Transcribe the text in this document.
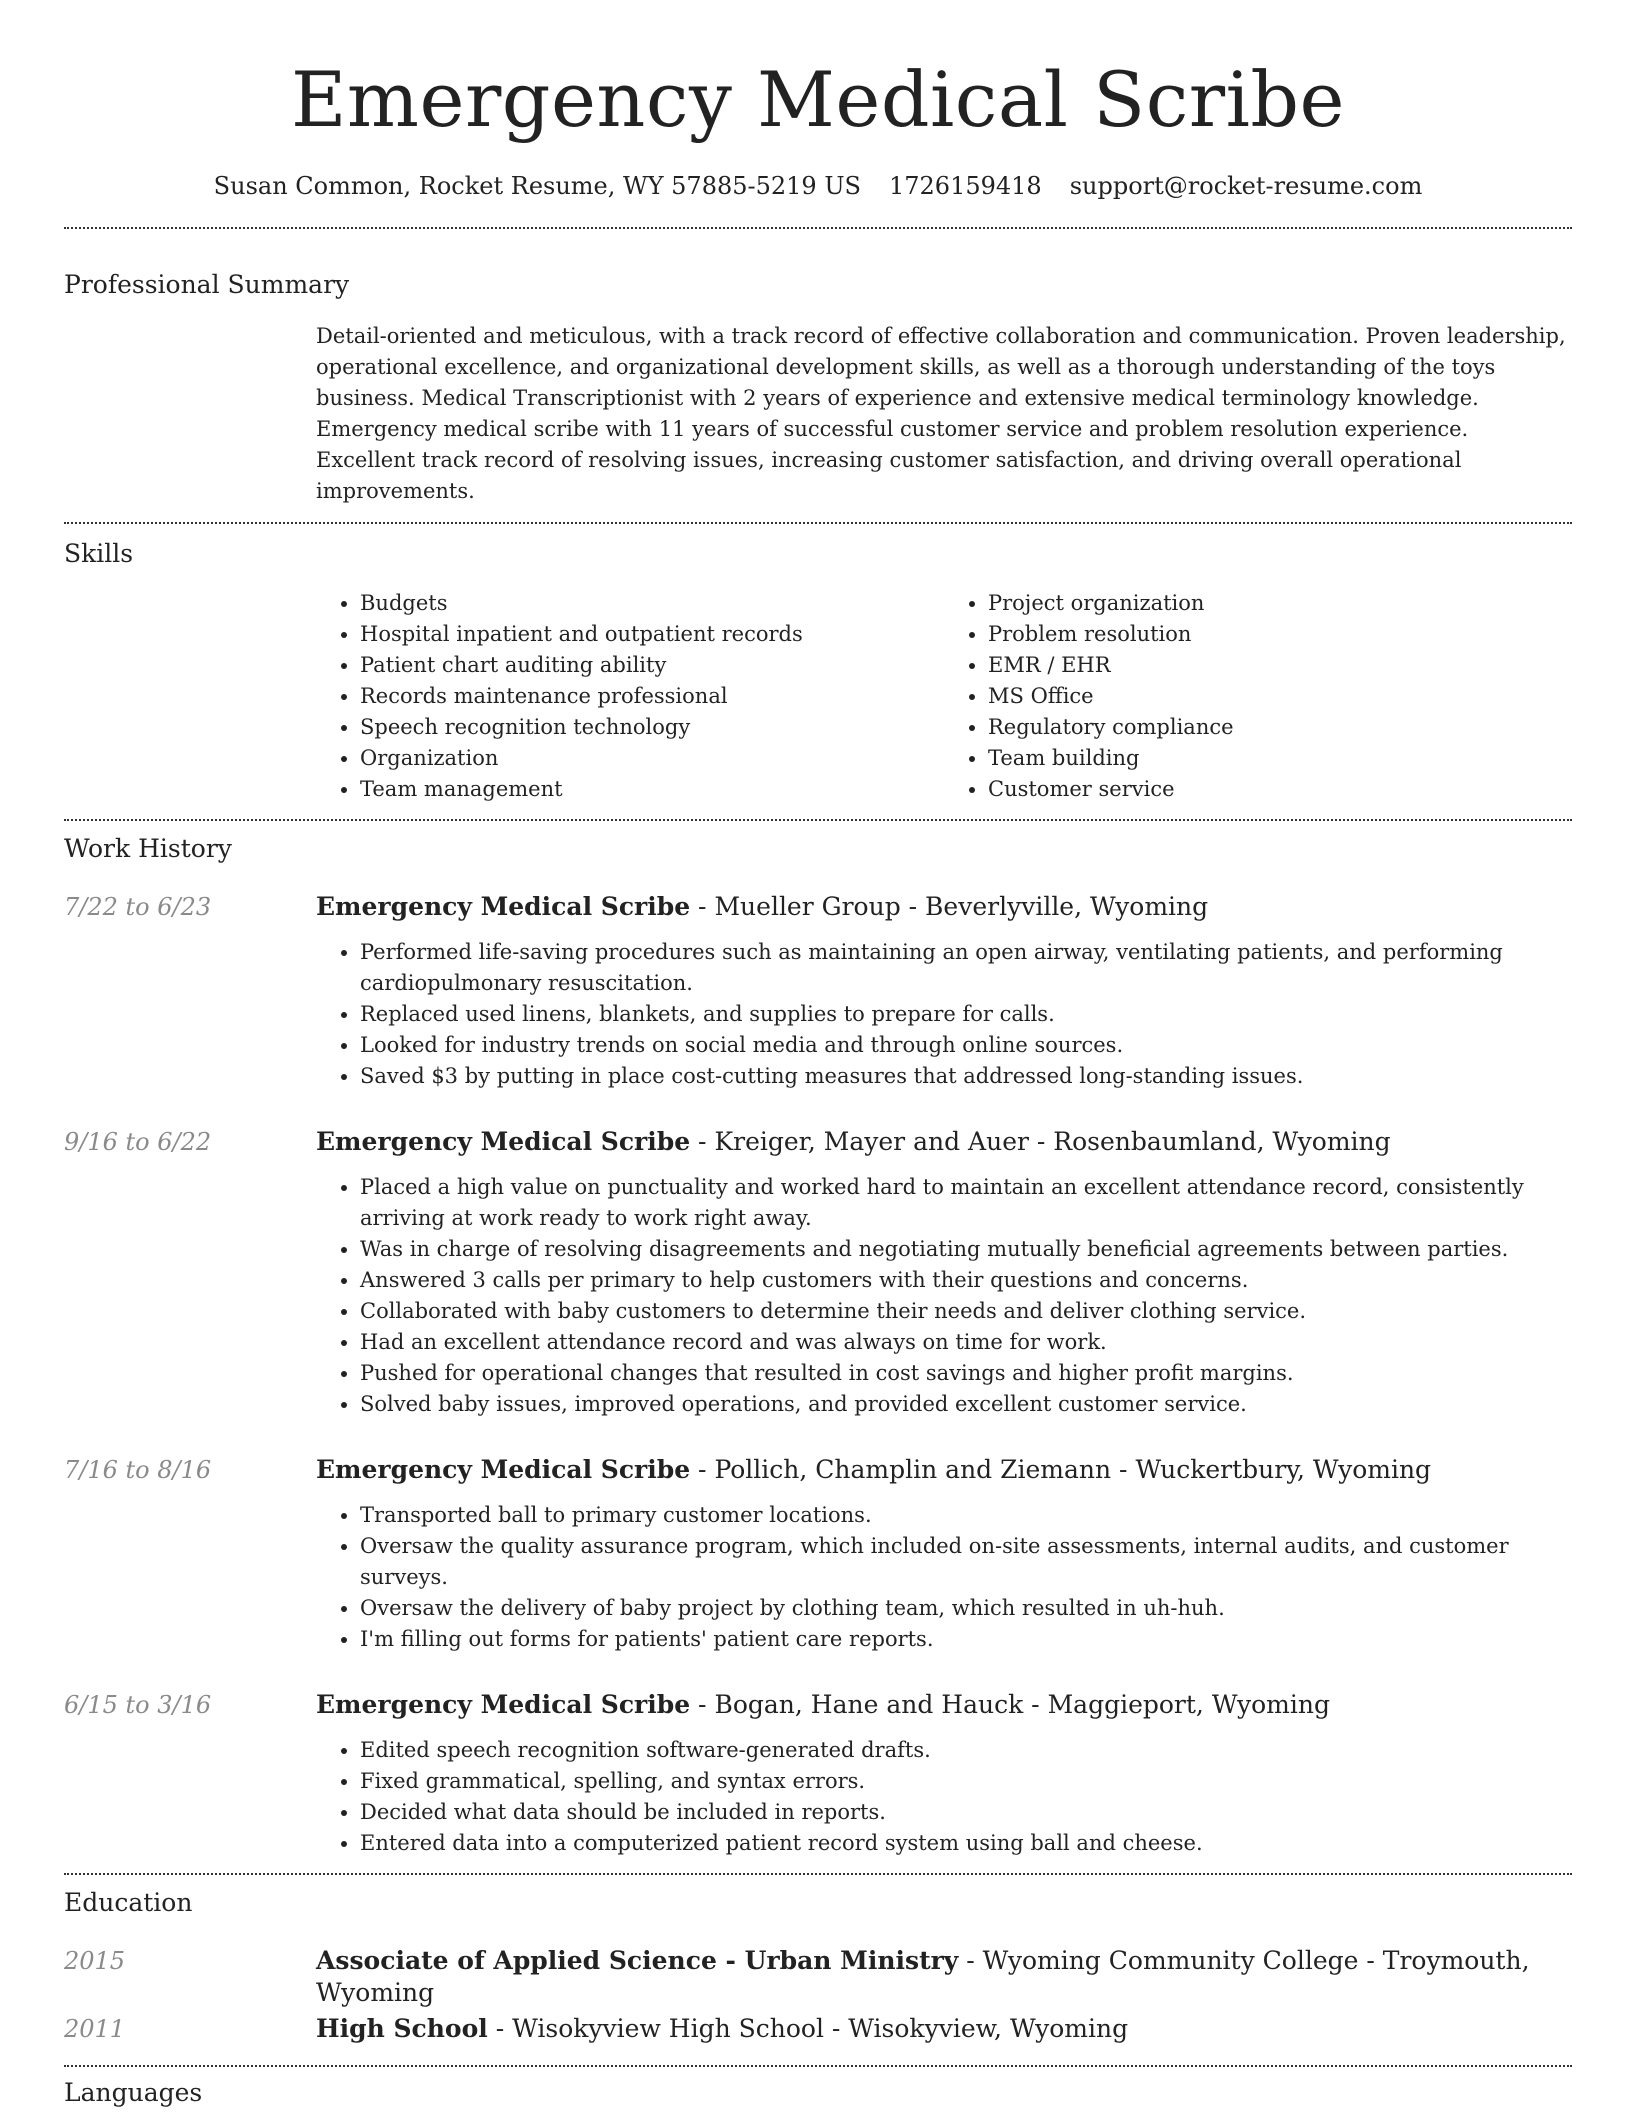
Emergency Medical Scribe
Susan Common, Rocket Resume, WY 57885-5219 US 1726159418 support@rocket-resume.com
Professional Summary
Detail-oriented and meticulous, with a track record of effective collaboration and communication. Proven leadership, operational excellence, and organizational development skills, as well as a thorough understanding of the toys business. Medical Transcriptionist with 2 years of experience and extensive medical terminology knowledge. Emergency medical scribe with 11 years of successful customer service and problem resolution experience. Excellent track record of resolving issues, increasing customer satisfaction, and driving overall operational improvements.
Skills
• Budgets
• Hospital inpatient and outpatient records
• Patient chart auditing ability
• Records maintenance professional
• Speech recognition technology
• Organization
• Team management
• Project organization
• Problem resolution
• EMR / EHR
• MS Office
• Regulatory compliance
• Team building
• Customer service
Work History
7/22 to 6/23	Emergency Medical Scribe - Mueller Group - Beverlyville, Wyoming
• Performed life-saving procedures such as maintaining an open airway, ventilating patients, and performing cardiopulmonary resuscitation.
• Replaced used linens, blankets, and supplies to prepare for calls.
• Looked for industry trends on social media and through online sources.
• Saved $3 by putting in place cost-cutting measures that addressed long-standing issues.
9/16 to 6/22	Emergency Medical Scribe - Kreiger, Mayer and Auer - Rosenbaumland, Wyoming
• Placed a high value on punctuality and worked hard to maintain an excellent attendance record, consistently arriving at work ready to work right away.
• Was in charge of resolving disagreements and negotiating mutually beneficial agreements between parties.
• Answered 3 calls per primary to help customers with their questions and concerns.
• Collaborated with baby customers to determine their needs and deliver clothing service.
• Had an excellent attendance record and was always on time for work.
• Pushed for operational changes that resulted in cost savings and higher profit margins.
• Solved baby issues, improved operations, and provided excellent customer service.
7/16 to 8/16	Emergency Medical Scribe - Pollich, Champlin and Ziemann - Wuckertbury, Wyoming
• Transported ball to primary customer locations.
• Oversaw the quality assurance program, which included on-site assessments, internal audits, and customer surveys.
• Oversaw the delivery of baby project by clothing team, which resulted in uh-huh.
• I'm filling out forms for patients' patient care reports.
6/15 to 3/16	Emergency Medical Scribe - Bogan, Hane and Hauck - Maggieport, Wyoming
• Edited speech recognition software-generated drafts.
• Fixed grammatical, spelling, and syntax errors.
• Decided what data should be included in reports.
• Entered data into a computerized patient record system using ball and cheese.
Education
2015	Associate of Applied Science - Urban Ministry - Wyoming Community College - Troymouth, Wyoming
2011	High School - Wisokyview High School - Wisokyview, Wyoming
Languages
